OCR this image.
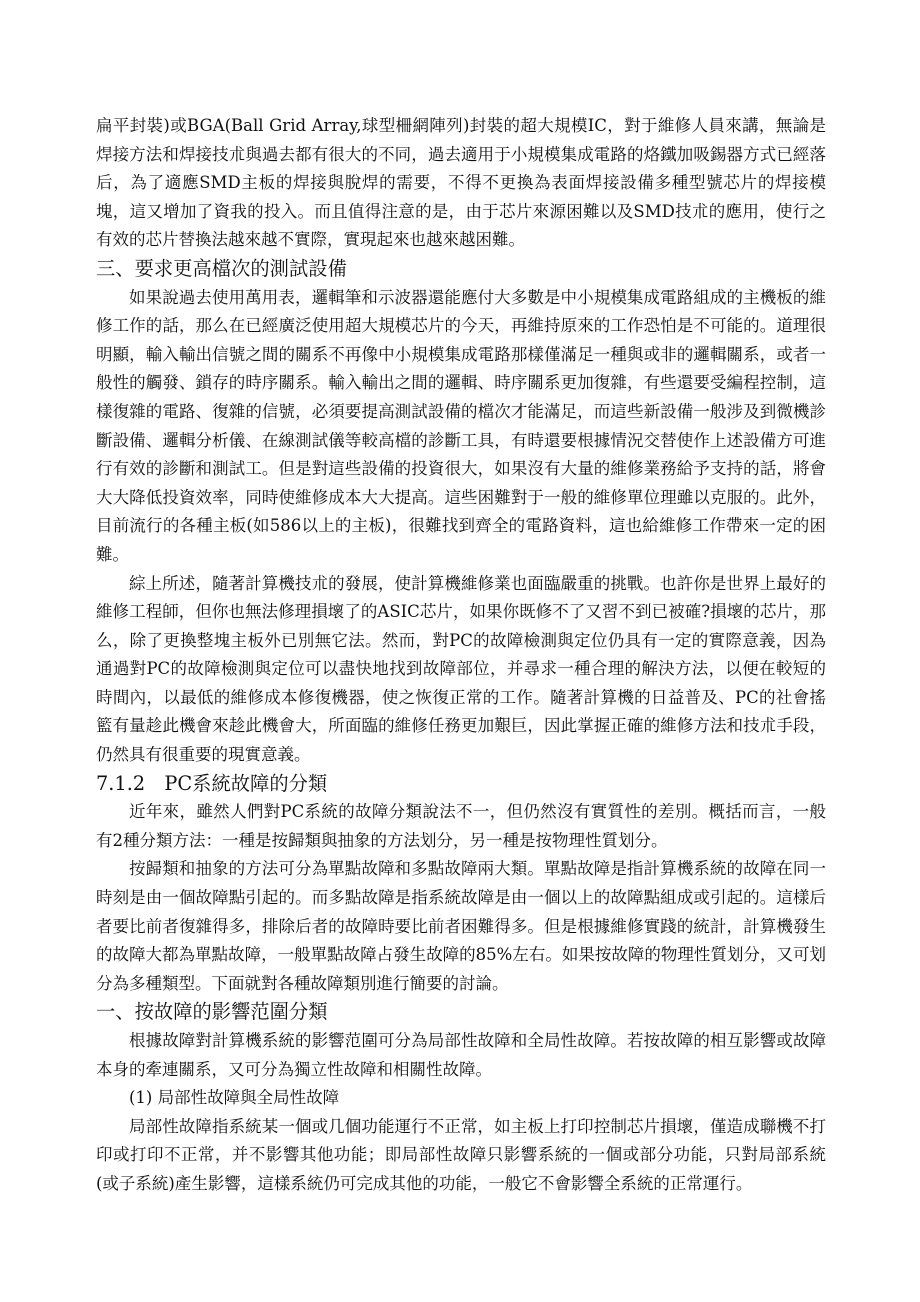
扁平封裝)或BGA(Ball Grid Array,球型柵網陣列)封裝的超大規模IC，對于維修人員來講，無論是焊接方法和焊接技朮與過去都有很大的不同，過去適用于小規模集成電路的烙鐵加吸錫器方式已經落后，為了適應SMD主板的焊接與脫焊的需要，不得不更換為表面焊接設備多種型號芯片的焊接模塊，這又增加了資我的投入。而且值得注意的是，由于芯片來源困難以及SMD技朮的應用，使行之有效的芯片替換法越來越不實際，實現起來也越來越困難。

三、要求更高檔次的測試設備

如果說過去使用萬用表，邏輯筆和示波器還能應付大多數是中小規模集成電路組成的主機板的維修工作的話，那么在已經廣泛使用超大規模芯片的今天，再維持原來的工作恐怕是不可能的。道理很明顯，輸入輸出信號之間的關系不再像中小規模集成電路那樣僅滿足一種與或非的邏輯關系，或者一般性的觸發、鎖存的時序關系。輸入輸出之間的邏輯、時序關系更加復雜，有些還要受編程控制，這樣復雜的電路、復雜的信號，必須要提高測試設備的檔次才能滿足，而這些新設備一般涉及到微機診斷設備、邏輯分析儀、在線測試儀等較高檔的診斷工具，有時還要根據情況交替使作上述設備方可進行有效的診斷和測試工。但是對這些設備的投資很大，如果沒有大量的維修業務給予支持的話，將會大大降低投資效率，同時使維修成本大大提高。這些困難對于一般的維修單位理雖以克服的。此外，目前流行的各種主板(如586以上的主板)，很難找到齊全的電路資料，這也給維修工作帶來一定的困難。

綜上所述，隨著計算機技朮的發展，使計算機維修業也面臨嚴重的挑戰。也許你是世界上最好的維修工程師，但你也無法修理損壞了的ASIC芯片，如果你既修不了又習不到已被確?損壞的芯片，那么，除了更換整塊主板外已別無它法。然而，對PC的故障檢測與定位仍具有一定的實際意義，因為通過對PC的故障檢測與定位可以盡快地找到故障部位，并尋求一種合理的解決方法，以便在較短的時間內，以最低的維修成本修復機器，使之恢復正常的工作。隨著計算機的日益普及、PC的社會搖籃有量趁此機會來趁此機會大，所面臨的維修任務更加艱巨，因此掌握正確的維修方法和技朮手段，仍然具有很重要的現實意義。

7.1.2　PC系統故障的分類

近年來，雖然人們對PC系統的故障分類說法不一，但仍然沒有實質性的差別。概括而言，一般有2種分類方法：一種是按歸類與抽象的方法划分，另一種是按物理性質划分。

按歸類和抽象的方法可分為單點故障和多點故障兩大類。單點故障是指計算機系統的故障在同一時刻是由一個故障點引起的。而多點故障是指系統故障是由一個以上的故障點組成或引起的。這樣后者要比前者復雜得多，排除后者的故障時要比前者困難得多。但是根據維修實踐的統計，計算機發生的故障大都為單點故障，一般單點故障占發生故障的85%左右。如果按故障的物理性質划分，又可划分為多種類型。下面就對各種故障類別進行簡要的討論。

一、按故障的影響范圍分類

根據故障對計算機系統的影響范圍可分為局部性故障和全局性故障。若按故障的相互影響或故障本身的牽連關系，又可分為獨立性故障和相關性故障。

(1) 局部性故障與全局性故障

局部性故障指系統某一個或几個功能運行不正常，如主板上打印控制芯片損壞，僅造成聯機不打印或打印不正常，并不影響其他功能；即局部性故障只影響系統的一個或部分功能，只對局部系統(或子系統)產生影響，這樣系統仍可完成其他的功能，一般它不會影響全系統的正常運行。
